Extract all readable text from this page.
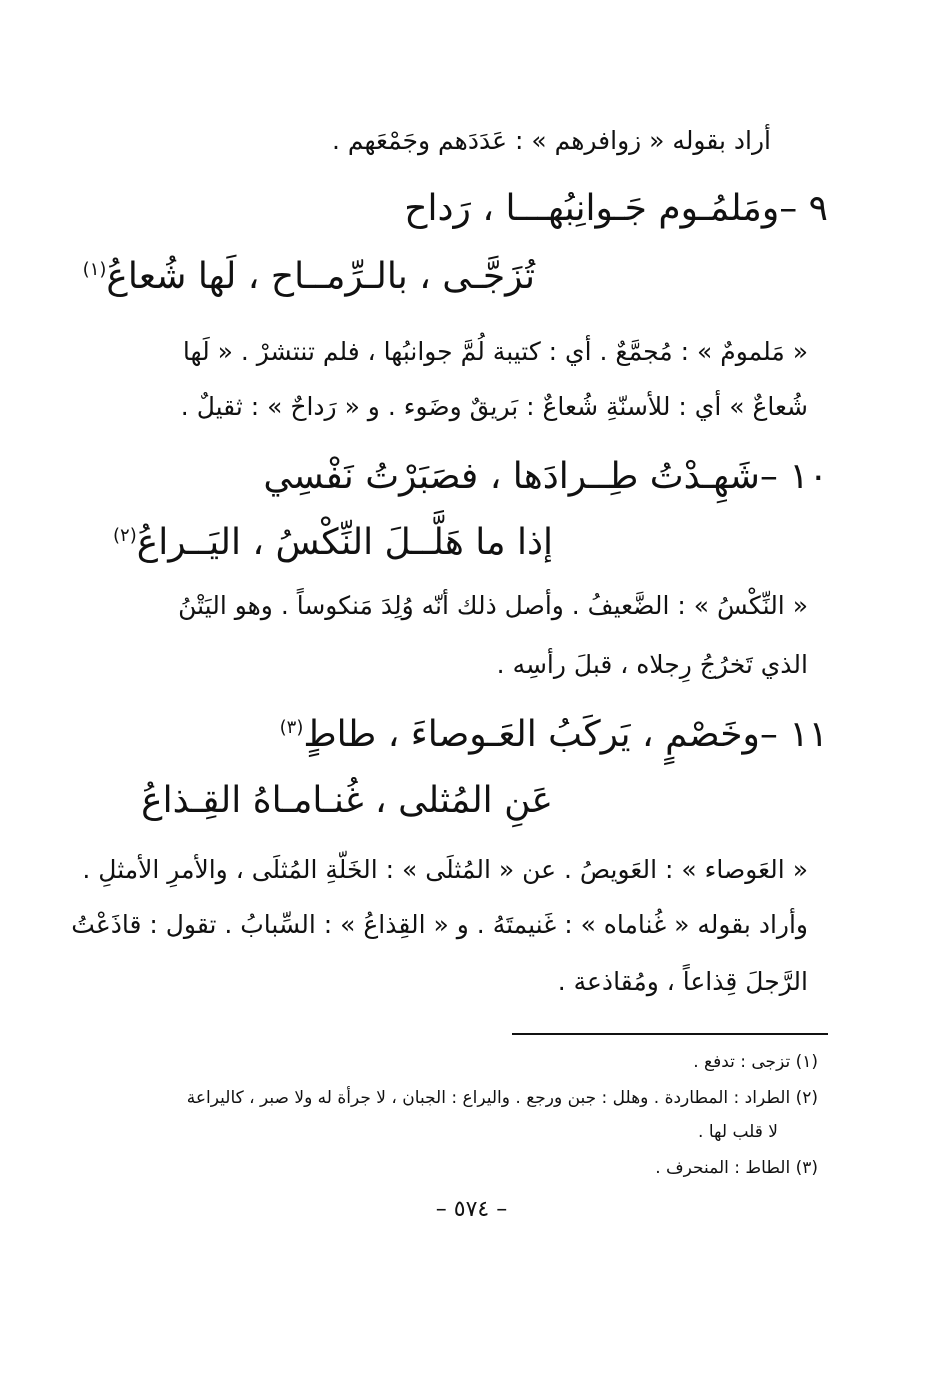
أراد بقوله « زوافرهم » : عَدَدَهم وجَمْعَهم .
٩ –ومَلمُـوم جَـوانِبُهـــا ، رَداح
تُزَجَّـى ، بالـرِّمــاح ، لَها شُعاعُ$^{(١)}$
« مَلمومٌ » : مُجمَّعٌ . أي : كتيبة لُمَّ جوانبُها ، فلم تنتشرْ . « لَها
شُعاعٌ » أي : للأسنّةِ شُعاعٌ : بَريقٌ وضَوء . و « رَداحٌ » : ثقيلٌ .
١٠ –شَهِـدْتُ طِــرادَها ، فصَبَرْتُ نَفْسِي
إذا ما هَلَّــلَ النِّكْسُ ، اليَــراعُ$^{(٢)}$
« النِّكْسُ » : الضَّعيفُ . وأصل ذلك أنّه وُلِدَ مَنكوساً . وهو اليَتْنُ
الذي تَخرُجُ رِجلاه ، قبلَ رأسِه .
١١ –وخَصْمٍ ، يَركَبُ العَـوصاءَ ، طاطٍ$^{(٣)}$
عَنِ المُثلى ، غُنـامـاهُ القِـذاعُ
« العَوصاء » : العَويصُ . عن « المُثلَى » : الخَلّةِ المُثلَى ، والأمرِ الأمثلِ .
وأراد بقوله « غُناماه » : غَنيمتَهُ . و « القِذاعُ » : السِّبابُ . تقول : قاذَعْتُ
الرَّجلَ قِذاعاً ، ومُقاذعة .
(١) تزجى : تدفع .
(٢) الطراد : المطاردة . وهلل : جبن ورجع . واليراع : الجبان ، لا جرأة له ولا صبر ، كاليراعة
لا قلب لها .
(٣) الطاط : المنحرف .
– ٥٧٤ –
